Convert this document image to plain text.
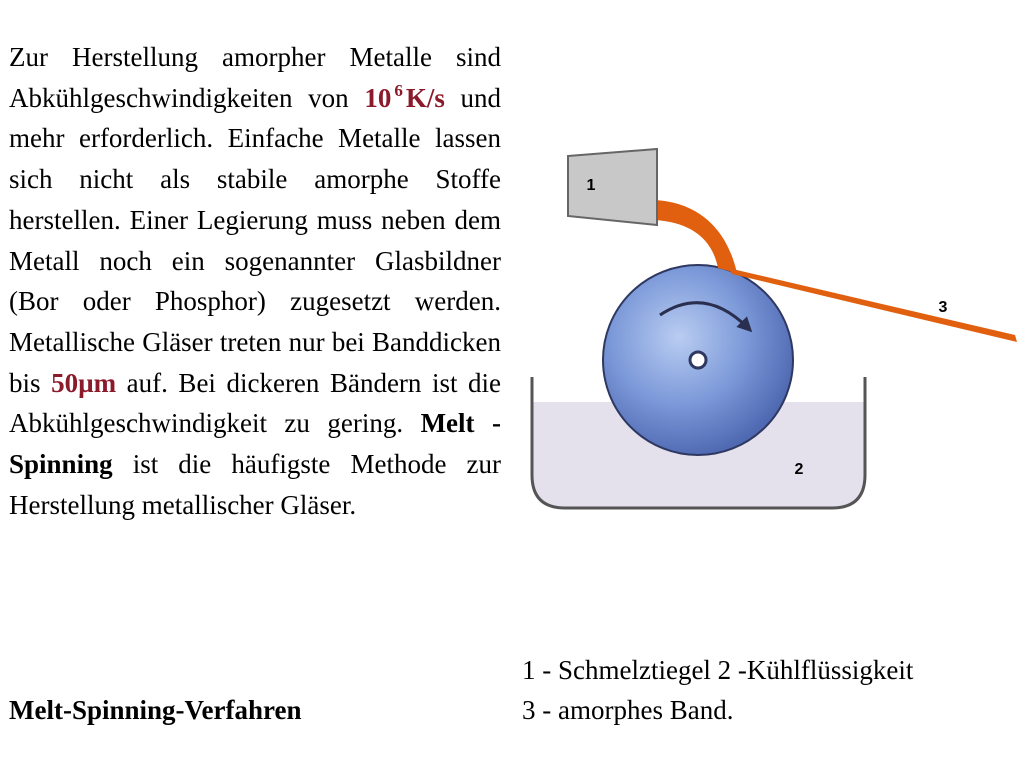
Zur Herstellung amorpher Metalle sind Abkühlgeschwindigkeiten von 10 $^6$ K/s und mehr erforderlich. Einfache Metalle lassen sich nicht als stabile amorphe Stoffe herstellen. Einer Legierung muss neben dem Metall noch ein sogenannter Glasbildner (Bor oder Phosphor) zugesetzt werden. Metallische Gläser treten nur bei Banddicken bis 50µm auf. Bei dickeren Bändern ist die Abkühlgeschwindigkeit zu gering. Melt - Spinning ist die häufigste Methode zur Herstellung metallischer Gläser.
Melt-Spinning-Verfahren
1 - Schmelztiegel 2 -Kühlflüssigkeit
3 - amorphes Band.
1
2
3
